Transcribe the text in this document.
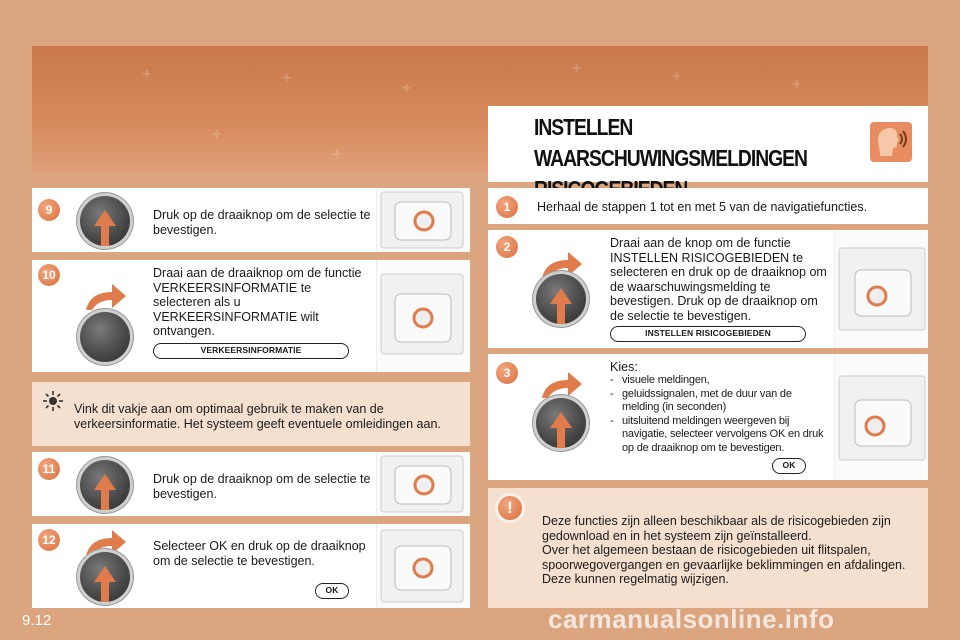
+	+
+
+	+	+
+
+
INSTELLEN WAARSCHUWINGSMELDINGEN
Druk op de draaiknop om de selectie te bevestigen.
9
Draai aan de draaiknop om de functie VERKEERSINFORMATIE te selecteren als u VERKEERSINFORMATIE wilt ontvangen.
VERKEERSINFORMATIE
10
Vink dit vakje aan om optimaal gebruik te maken van de verkeersinformatie. Het systeem geeft eventuele omleidingen aan.
Druk op de draaiknop om de selectie te bevestigen.
11
Selecteer OK en druk op de draaiknop om de selectie te bevestigen.
OK
12
Herhaal de stappen 1 tot en met 5 van de navigatiefuncties.
1
Draai aan de knop om de functie INSTELLEN RISICOGEBIEDEN te selecteren en druk op de draaiknop om de waarschuwingsmelding te bevestigen. Druk op de draaiknop om de selectie te bevestigen.
INSTELLEN RISICOGEBIEDEN
2
Kies:
- visuele meldingen,
- geluidssignalen, met de duur van de melding (in seconden)
- uitsluitend meldingen weergeven bij navigatie, selecteer vervolgens OK en druk op de draaiknop om te bevestigen.
OK
3
Deze functies zijn alleen beschikbaar als de risicogebieden zijn
gedownload en in het systeem zijn geïnstalleerd.
Over het algemeen bestaan de risicogebieden uit flitspalen,
spoorwegovergangen en gevaarlijke beklimmingen en afdalingen.
Deze kunnen regelmatig wijzigen.
!
9.12	carmanualsonline.info
